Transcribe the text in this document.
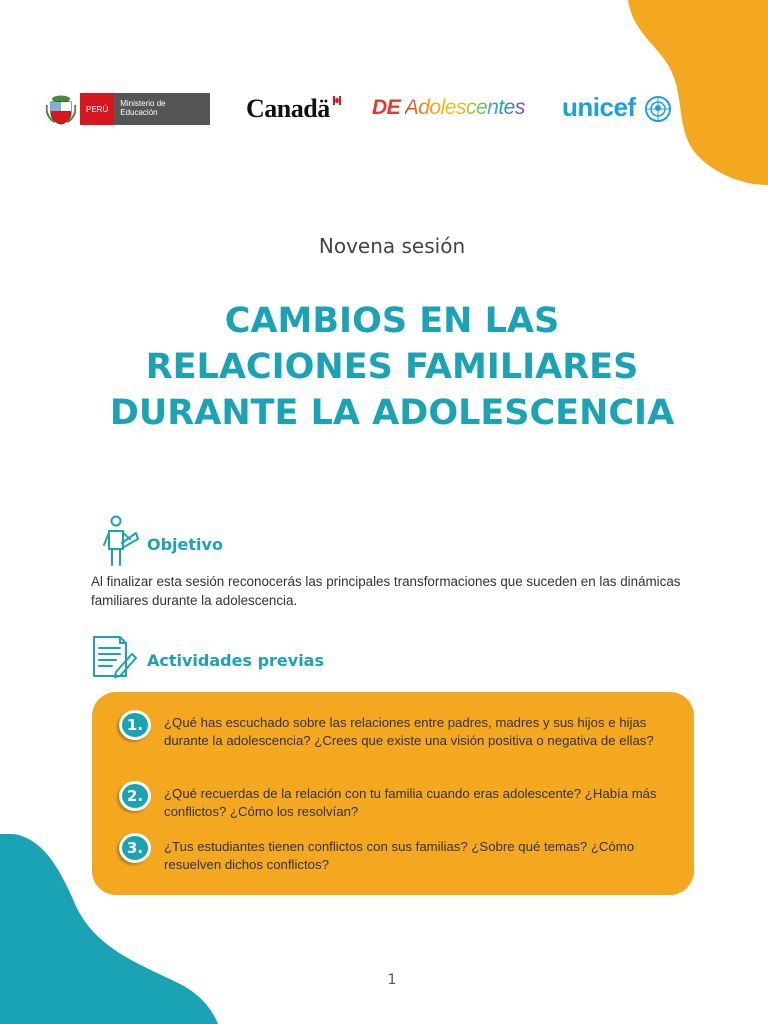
PERÚ
Ministerio de Educación	Canadä DE Adolescentes unicef
Novena sesión
CAMBIOS EN LAS
RELACIONES FAMILIARES
DURANTE LA ADOLESCENCIA
Objetivo
Al finalizar esta sesión reconocerás las principales transformaciones que suceden en las dinámicas familiares durante la adolescencia.
Actividades previas
1.	¿Qué has escuchado sobre las relaciones entre padres, madres y sus hijos e hijas durante la adolescencia? ¿Crees que existe una visión positiva o negativa de ellas?
2.	¿Qué recuerdas de la relación con tu familia cuando eras adolescente? ¿Había más conflictos? ¿Cómo los resolvían?
3.	¿Tus estudiantes tienen conflictos con sus familias? ¿Sobre qué temas? ¿Cómo resuelven dichos conflictos?
1
